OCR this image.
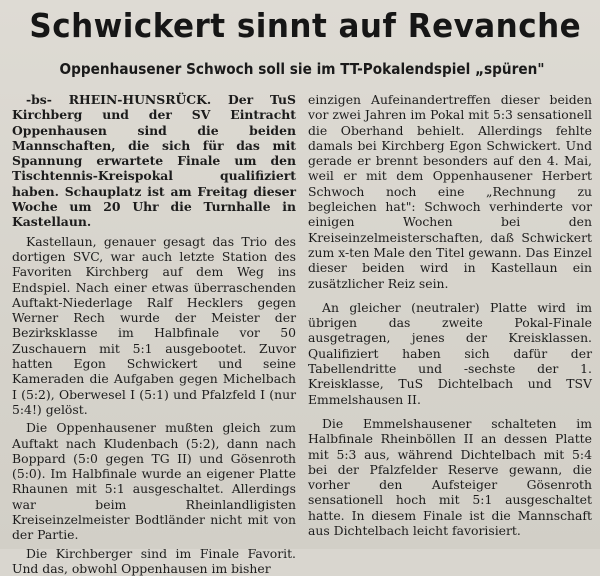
Schwickert sinnt auf Revanche
Oppenhausener Schwoch soll sie im TT-Pokalendspiel „spüren"

-bs- RHEIN-HUNSRÜCK. Der TuS Kirchberg und der SV Eintracht Oppenhausen sind die beiden Mannschaften, die sich für das mit Spannung erwartete Finale um den Tischtennis-Kreispokal qualifiziert haben. Schauplatz ist am Freitag dieser Woche um 20 Uhr die Turnhalle in Kastellaun.

Kastellaun, genauer gesagt das Trio des dortigen SVC, war auch letzte Station des Favoriten Kirchberg auf dem Weg ins Endspiel. Nach einer etwas überraschenden Auftakt-Niederlage Ralf Hecklers gegen Werner Rech wurde der Meister der Bezirksklasse im Halbfinale vor 50 Zuschauern mit 5:1 ausgebootet. Zuvor hatten Egon Schwickert und seine Kameraden die Aufgaben gegen Michelbach I (5:2), Oberwesel I (5:1) und Pfalzfeld I (nur 5:4!) gelöst.

Die Oppenhausener mußten gleich zum Auftakt nach Kludenbach (5:2), dann nach Boppard (5:0 gegen TG II) und Gösenroth (5:0). Im Halbfinale wurde an eigener Platte Rhaunen mit 5:1 ausgeschaltet. Allerdings war beim Rheinlandligisten Kreiseinzelmeister Bodtländer nicht mit von der Partie.

Die Kirchberger sind im Finale Favorit. Und das, obwohl Oppenhausen im bisher

einzigen Aufeinandertreffen dieser beiden vor zwei Jahren im Pokal mit 5:3 sensationell die Oberhand behielt. Allerdings fehlte damals bei Kirchberg Egon Schwickert. Und gerade er brennt besonders auf den 4. Mai, weil er mit dem Oppenhausener Herbert Schwoch noch eine „Rechnung zu begleichen hat": Schwoch verhinderte vor einigen Wochen bei den Kreiseinzelmeisterschaften, daß Schwickert zum x-ten Male den Titel gewann. Das Einzel dieser beiden wird in Kastellaun ein zusätzlicher Reiz sein.

An gleicher (neutraler) Platte wird im übrigen das zweite Pokal-Finale ausgetragen, jenes der Kreisklassen. Qualifiziert haben sich dafür der Tabellendritte und -sechste der 1. Kreisklasse, TuS Dichtelbach und TSV Emmelshausen II.

Die Emmelshausener schalteten im Halbfinale Rheinböllen II an dessen Platte mit 5:3 aus, während Dichtelbach mit 5:4 bei der Pfalzfelder Reserve gewann, die vorher den Aufsteiger Gösenroth sensationell hoch mit 5:1 ausgeschaltet hatte. In diesem Finale ist die Mannschaft aus Dichtelbach leicht favorisiert.
